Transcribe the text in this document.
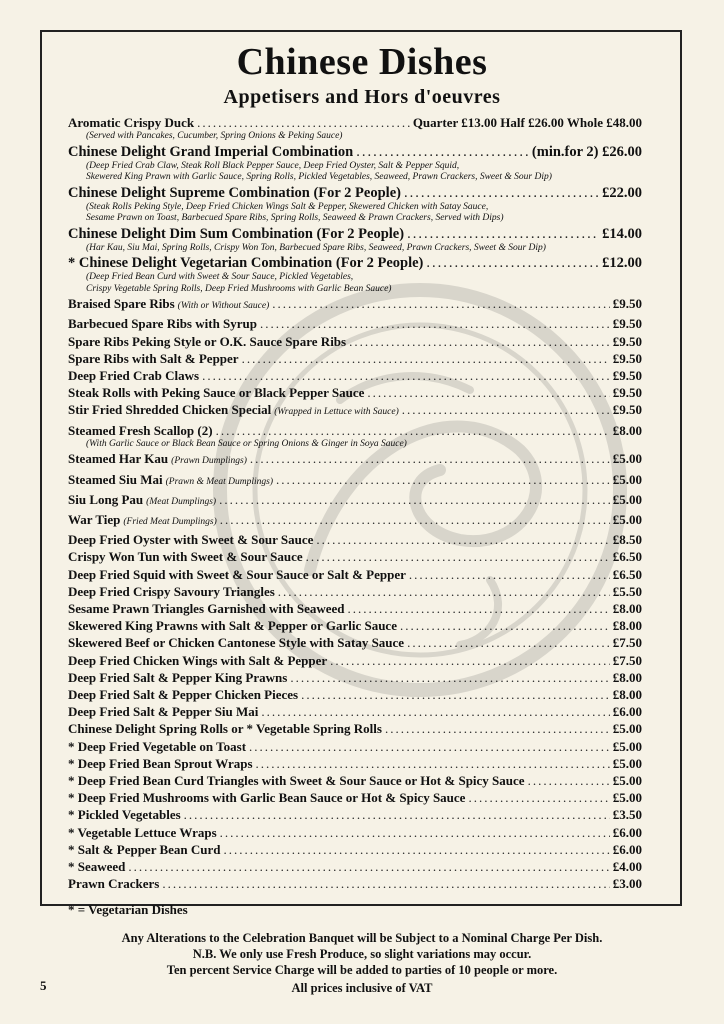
Chinese Dishes
Appetisers and Hors d'oeuvres
Aromatic Crispy Duck .....	Quarter £13.00 Half £26.00 Whole £48.00
(Served with Pancakes, Cucumber, Spring Onions & Peking Sauce)
Chinese Delight Grand Imperial Combination .....	(min.for 2) £26.00
(Deep Fried Crab Claw, Steak Roll Black Pepper Sauce, Deep Fried Oyster, Salt & Pepper Squid,
Skewered King Prawn with Garlic Sauce, Spring Rolls, Pickled Vegetables, Seaweed, Prawn Crackers, Sweet & Sour Dip)
Chinese Delight Supreme Combination (For 2 People) .....	£22.00
(Steak Rolls Peking Style, Deep Fried Chicken Wings Salt & Pepper, Skewered Chicken with Satay Sauce,
Sesame Prawn on Toast, Barbecued Spare Ribs, Spring Rolls, Seaweed & Prawn Crackers, Served with Dips)
Chinese Delight Dim Sum Combination (For 2 People) .....	£14.00
(Har Kau, Siu Mai, Spring Rolls, Crispy Won Ton, Barbecued Spare Ribs, Seaweed, Prawn Crackers, Sweet & Sour Dip)
* Chinese Delight Vegetarian Combination (For 2 People) .....	£12.00
(Deep Fried Bean Curd with Sweet & Sour Sauce, Pickled Vegetables,
Crispy Vegetable Spring Rolls, Deep Fried Mushrooms with Garlic Bean Sauce)
Braised Spare Ribs (With or Without Sauce) .....	£9.50
Barbecued Spare Ribs with Syrup .....	£9.50
Spare Ribs Peking Style or O.K. Sauce Spare Ribs .....	£9.50
Spare Ribs with Salt & Pepper .....	£9.50
Deep Fried Crab Claws .....	£9.50
Steak Rolls with Peking Sauce or Black Pepper Sauce .....	£9.50
Stir Fried Shredded Chicken Special (Wrapped in Lettuce with Sauce) .....	£9.50
Steamed Fresh Scallop (2) .....	£8.00
(With Garlic Sauce or Black Bean Sauce or Spring Onions & Ginger in Soya Sauce)
Steamed Har Kau (Prawn Dumplings) .....	£5.00
Steamed Siu Mai (Prawn & Meat Dumplings) .....	£5.00
Siu Long Pau (Meat Dumplings) .....	£5.00
War Tiep (Fried Meat Dumplings) .....	£5.00
Deep Fried Oyster with Sweet & Sour Sauce .....	£8.50
Crispy Won Tun with Sweet & Sour Sauce .....	£6.50
Deep Fried Squid with Sweet & Sour Sauce or Salt & Pepper .....	£6.50
Deep Fried Crispy Savoury Triangles .....	£5.50
Sesame Prawn Triangles Garnished with Seaweed .....	£8.00
Skewered King Prawns with Salt & Pepper or Garlic Sauce .....	£8.00
Skewered Beef or Chicken Cantonese Style with Satay Sauce .....	£7.50
Deep Fried Chicken Wings with Salt & Pepper .....	£7.50
Deep Fried Salt & Pepper King Prawns .....	£8.00
Deep Fried Salt & Pepper Chicken Pieces .....	£8.00
Deep Fried Salt & Pepper Siu Mai .....	£6.00
Chinese Delight Spring Rolls or * Vegetable Spring Rolls .....	£5.00
* Deep Fried Vegetable on Toast .....	£5.00
* Deep Fried Bean Sprout Wraps .....	£5.00
* Deep Fried Bean Curd Triangles with Sweet & Sour Sauce or Hot & Spicy Sauce .....	£5.00
* Deep Fried Mushrooms with Garlic Bean Sauce or Hot & Spicy Sauce .....	£5.00
* Pickled Vegetables .....	£3.50
* Vegetable Lettuce Wraps .....	£6.00
* Salt & Pepper Bean Curd .....	£6.00
* Seaweed .....	£4.00
Prawn Crackers .....	£3.00
* = Vegetarian Dishes
Any Alterations to the Celebration Banquet will be Subject to a Nominal Charge Per Dish.
N.B. We only use Fresh Produce, so slight variations may occur.
Ten percent Service Charge will be added to parties of 10 people or more.
All prices inclusive of VAT
5
